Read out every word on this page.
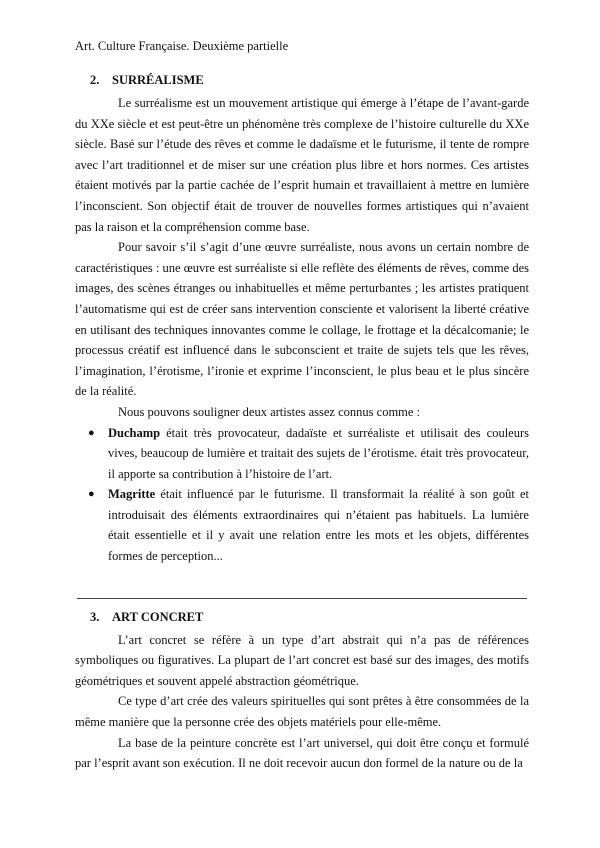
Art. Culture Française. Deuxième partielle
2. SURRÉALISME

Le surréalisme est un mouvement artistique qui émerge à l’étape de l’avant-garde du XXe siècle et est peut-être un phénomène très complexe de l’histoire culturelle du XXe siècle. Basé sur l’étude des rêves et comme le dadaïsme et le futurisme, il tente de rompre avec l’art traditionnel et de miser sur une création plus libre et hors normes. Ces artistes étaient motivés par la partie cachée de l’esprit humain et travaillaient à mettre en lumière l’inconscient. Son objectif était de trouver de nouvelles formes artistiques qui n’avaient pas la raison et la compréhension comme base.

Pour savoir s’il s’agit d’une œuvre surréaliste, nous avons un certain nombre de caractéristiques : une œuvre est surréaliste si elle reflète des éléments de rêves, comme des images, des scènes étranges ou inhabituelles et même perturbantes ; les artistes pratiquent l’automatisme qui est de créer sans intervention consciente et valorisent la liberté créative en utilisant des techniques innovantes comme le collage, le frottage et la décalcomanie; le processus créatif est influencé dans le subconscient et traite de sujets tels que les rêves, l’imagination, l’érotisme, l’ironie et exprime l’inconscient, le plus beau et le plus sincère de la réalité.

Nous pouvons souligner deux artistes assez connus comme :

● Duchamp était très provocateur, dadaïste et surréaliste et utilisait des couleurs vives, beaucoup de lumière et traitait des sujets de l’érotisme. était très provocateur, il apporte sa contribution à l’histoire de l’art.
● Magritte était influencé par le futurisme. Il transformait la réalité à son goût et introduisait des éléments extraordinaires qui n’étaient pas habituels. La lumière était essentielle et il y avait une relation entre les mots et les objets, différentes formes de perception...
3. ART CONCRET

L’art concret se réfère à un type d’art abstrait qui n’a pas de références symboliques ou figuratives. La plupart de l’art concret est basé sur des images, des motifs géométriques et souvent appelé abstraction géométrique.

Ce type d’art crée des valeurs spirituelles qui sont prêtes à être consommées de la même manière que la personne crée des objets matériels pour elle-même.

La base de la peinture concrète est l’art universel, qui doit être conçu et formulé par l’esprit avant son exécution. Il ne doit recevoir aucun don formel de la nature ou de la
